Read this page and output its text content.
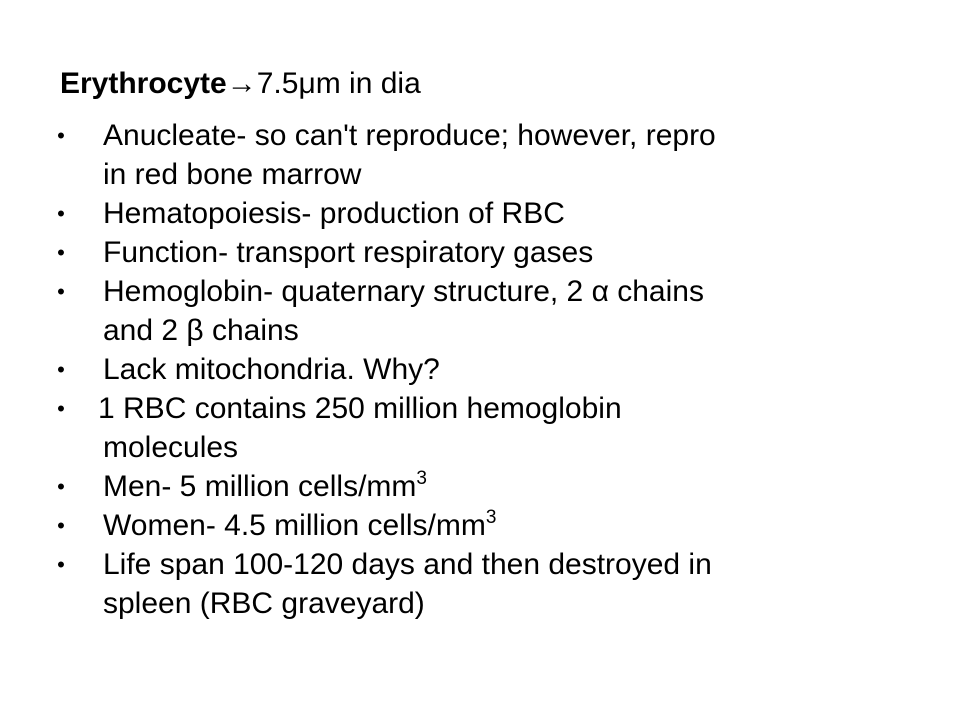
Erythrocyte→7.5μm in dia
•	Anucleate- so can't reproduce; however, repro
in red bone marrow
•	Hematopoiesis- production of RBC
•	Function- transport respiratory gases
•	Hemoglobin- quaternary structure, 2 α chains
and 2 β chains
•	Lack mitochondria. Why?
•	1 RBC contains 250 million hemoglobin
molecules
•	Men- 5 million cells/$mm^3$
•	Women- 4.5 million cells/$mm^3$
•	Life span 100-120 days and then destroyed in
spleen (RBC graveyard)
